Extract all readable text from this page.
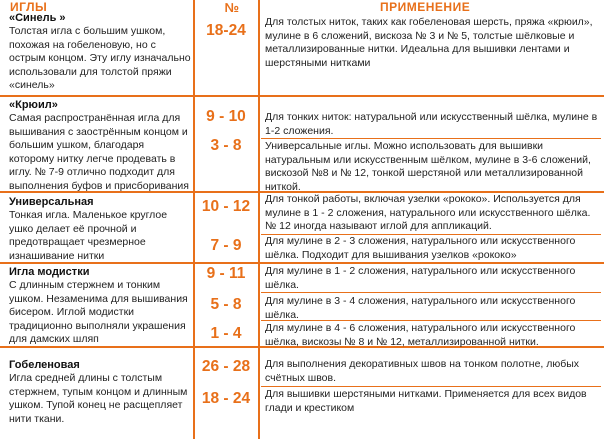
ИГЛЫ	№	ПРИМЕНЕНИЕ
«Синель »
Толстая игла с большим ушком, похожая на гобеленовую, но с острым концом. Эту иглу изначально использовали для толстой пряжи «синель»
18-24	Для толстых ниток, таких как гобеленовая шерсть, пряжа «крюил», мулине в 6 сложений, вискоза № 3 и № 5, толстые шёлковые и металлизированные нитки. Идеальна для вышивки лентами и шерстяными нитками
«Крюил»
Самая распространённая игла для вышивания с заострённым концом и большим ушком, благодаря которому нитку легче продевать в иглу. № 7-9 отлично подходит для выполнения буфов и присборивания
9 - 10	Для тонких ниток: натуральной или искусственный шёлка, мулине в 1-2 сложения.
3 - 8	Универсальные иглы. Можно использовать для вышивки натуральным или искусственным шёлком, мулине в 3-6 сложений, вискозой №8 и № 12, тонкой шерстяной или металлизированной ниткой.
Универсальная
Тонкая игла. Маленькое круглое ушко делает её прочной и предотвращает чрезмерное изнашивание нитки
10 - 12	Для тонкой работы, включая узелки «рококо». Используется для мулине в 1 - 2 сложения, натурального или искусственного шёлка. № 12 иногда называют иглой для аппликаций.
7 - 9	Для мулине в 2 - 3 сложения, натурального или искусственного шёлка. Подходит для вышивания узелков «рококо»
Игла модистки
С длинным стержнем и тонким ушком. Незаменима для вышивания бисером. Иглой модистки традиционно выполняли украшения для дамских шляп
9 - 11	Для мулине в 1 - 2 сложения, натурального или искусственного шёлка.
5 - 8	Для мулине в 3 - 4 сложения, натурального или искусственного шёлка.
1 - 4	Для мулине в 4 - 6 сложения, натурального или искусственного шёлка, вискозы № 8 и № 12, металлизированной нитки.
Гобеленовая
Игла средней длины с толстым стержнем, тупым концом и длинным ушком. Тупой конец не расщепляет нити ткани.
26 - 28	Для выполнения декоративных швов на тонком полотне, любых счётных швов.
18 - 24	Для вышивки шерстяными нитками. Применяется для всех видов глади и крестиком
